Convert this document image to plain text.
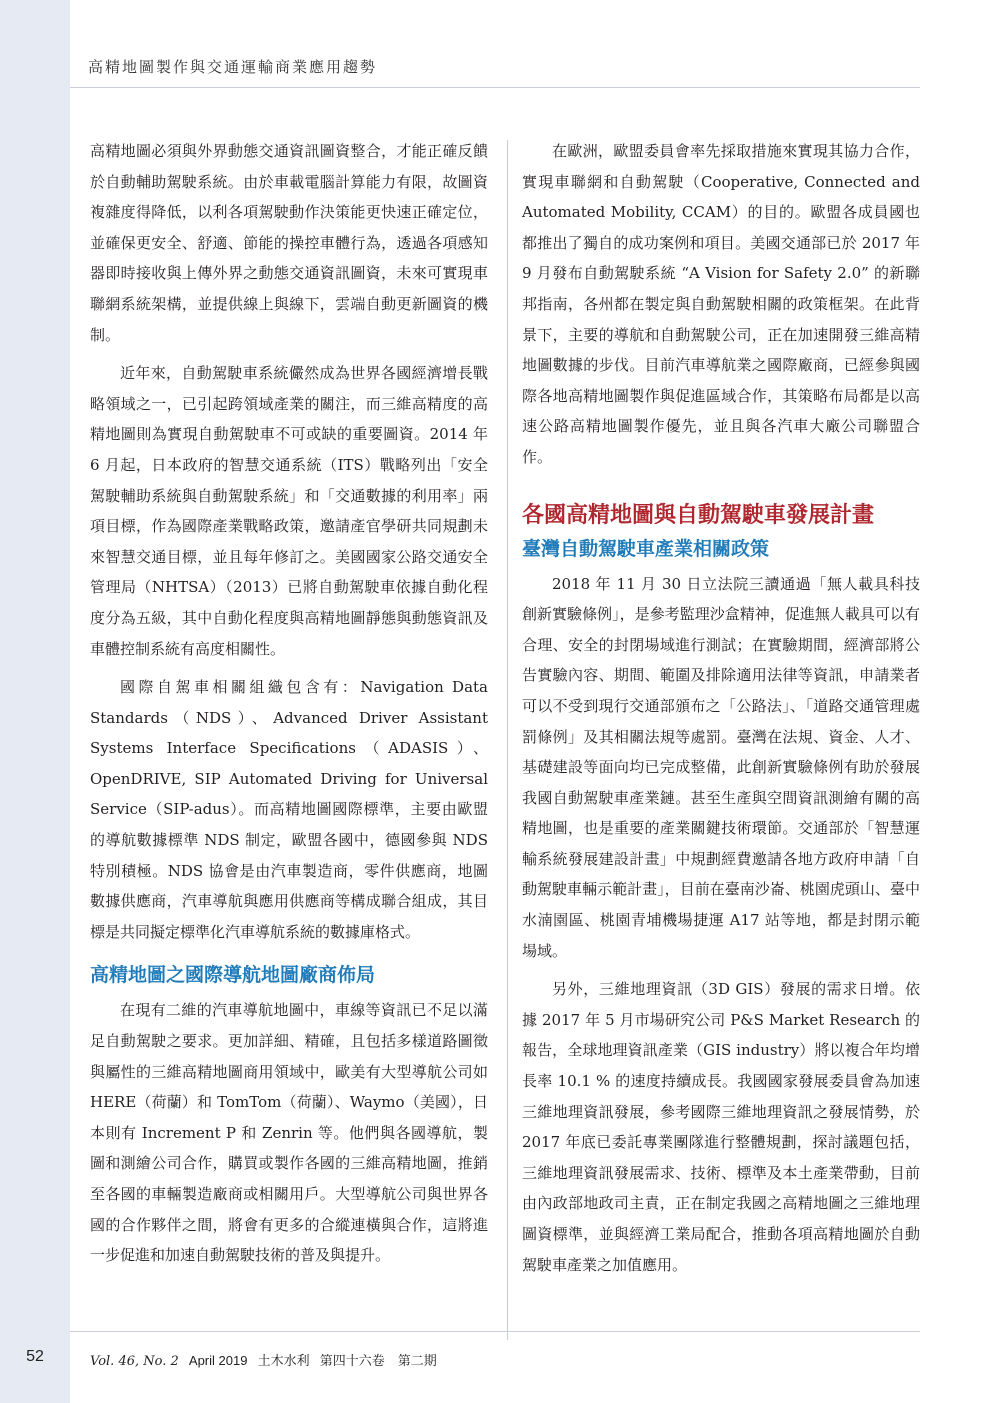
高精地圖製作與交通運輸商業應用趨勢

高精地圖必須與外界動態交通資訊圖資整合，才能正確反饋於自動輔助駕駛系統。由於車載電腦計算能力有限，故圖資複雜度得降低，以利各項駕駛動作決策能更快速正確定位，並確保更安全、舒適、節能的操控車體行為，透過各項感知器即時接收與上傳外界之動態交通資訊圖資，未來可實現車聯網系統架構，並提供線上與線下，雲端自動更新圖資的機制。

近年來，自動駕駛車系統儼然成為世界各國經濟增長戰略領域之一，已引起跨領域產業的關注，而三維高精度的高精地圖則為實現自動駕駛車不可或缺的重要圖資。2014 年 6 月起，日本政府的智慧交通系統（ITS）戰略列出「安全駕駛輔助系統與自動駕駛系統」和「交通數據的利用率」兩項目標，作為國際產業戰略政策，邀請產官學研共同規劃未來智慧交通目標，並且每年修訂之。美國國家公路交通安全管理局（NHTSA）（2013）已將自動駕駛車依據自動化程度分為五級，其中自動化程度與高精地圖靜態與動態資訊及車體控制系統有高度相關性。

國際自駕車相關組織包含有：Navigation Data Standards（NDS）、Advanced Driver Assistant Systems Interface Specifications（ADASIS）、OpenDRIVE, SIP Automated Driving for Universal Service（SIP-adus）。而高精地圖國際標準，主要由歐盟的導航數據標準 NDS 制定，歐盟各國中，德國參與 NDS 特別積極。NDS 協會是由汽車製造商，零件供應商，地圖數據供應商，汽車導航與應用供應商等構成聯合組成，其目標是共同擬定標準化汽車導航系統的數據庫格式。

高精地圖之國際導航地圖廠商佈局

在現有二維的汽車導航地圖中，車線等資訊已不足以滿足自動駕駛之要求。更加詳細、精確，且包括多樣道路圖徵與屬性的三維高精地圖商用領域中，歐美有大型導航公司如 HERE（荷蘭）和 TomTom（荷蘭）、Waymo（美國），日本則有 Increment P 和 Zenrin 等。他們與各國導航，製圖和測繪公司合作，購買或製作各國的三維高精地圖，推銷至各國的車輛製造廠商或相關用戶。大型導航公司與世界各國的合作夥伴之間，將會有更多的合縱連橫與合作，這將進一步促進和加速自動駕駛技術的普及與提升。

在歐洲，歐盟委員會率先採取措施來實現其協力合作，實現車聯網和自動駕駛（Cooperative, Connected and Automated Mobility, CCAM）的目的。歐盟各成員國也都推出了獨自的成功案例和項目。美國交通部已於 2017 年 9 月發布自動駕駛系統 “A Vision for Safety 2.0” 的新聯邦指南，各州都在製定與自動駕駛相關的政策框架。在此背景下，主要的導航和自動駕駛公司，正在加速開發三維高精地圖數據的步伐。目前汽車導航業之國際廠商，已經參與國際各地高精地圖製作與促進區域合作，其策略布局都是以高速公路高精地圖製作優先，並且與各汽車大廠公司聯盟合作。

各國高精地圖與自動駕駛車發展計畫
臺灣自動駕駛車產業相關政策

2018 年 11 月 30 日立法院三讀通過「無人載具科技創新實驗條例」，是參考監理沙盒精神，促進無人載具可以有合理、安全的封閉場域進行測試；在實驗期間，經濟部將公告實驗內容、期間、範圍及排除適用法律等資訊，申請業者可以不受到現行交通部頒布之「公路法」、「道路交通管理處罰條例」及其相關法規等處罰。臺灣在法規、資金、人才、基礎建設等面向均已完成整備，此創新實驗條例有助於發展我國自動駕駛車產業鏈。甚至生產與空間資訊測繪有關的高精地圖，也是重要的產業關鍵技術環節。交通部於「智慧運輸系統發展建設計畫」中規劃經費邀請各地方政府申請「自動駕駛車輛示範計畫」，目前在臺南沙崙、桃園虎頭山、臺中水湳園區、桃園青埔機場捷運 A17 站等地，都是封閉示範場域。

另外，三維地理資訊（3D GIS）發展的需求日增。依據 2017 年 5 月市場研究公司 P&S Market Research 的報告，全球地理資訊產業（GIS industry）將以複合年均增長率 10.1 % 的速度持續成長。我國國家發展委員會為加速三維地理資訊發展，參考國際三維地理資訊之發展情勢，於 2017 年底已委託專業團隊進行整體規劃，探討議題包括，三維地理資訊發展需求、技術、標準及本土產業帶動，目前由內政部地政司主責，正在制定我國之高精地圖之三維地理圖資標準，並與經濟工業局配合，推動各項高精地圖於自動駕駛車產業之加值應用。

52	Vol. 46, No. 2 April 2019 土木水利 第四十六卷　第二期
